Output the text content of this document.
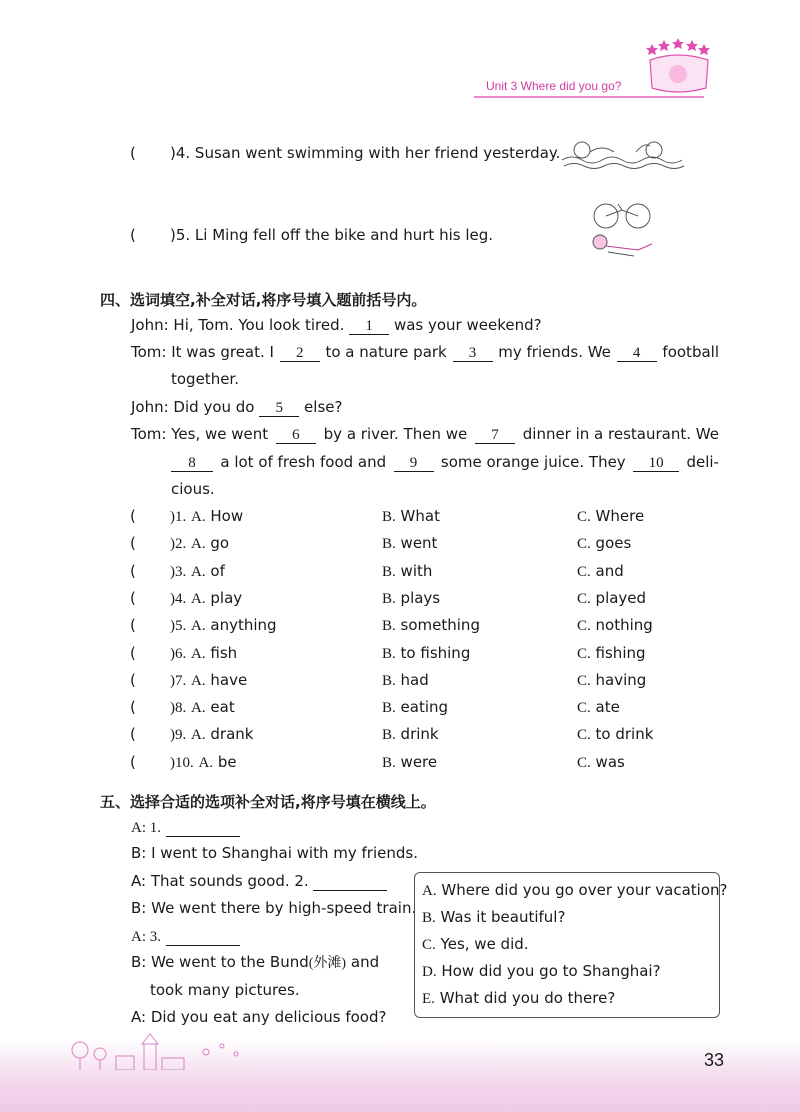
Unit 3 Where did you go?
( )4. Susan went swimming with her friend yesterday.
( )5. Li Ming fell off the bike and hurt his leg.
四、选词填空,补全对话,将序号填入题前括号内。
John: Hi, Tom. You look tired. 1 was your weekend?
Tom: It was great. I	2	to a nature park	3	my friends. We	4	football
together.
John: Did you do 5 else?
Tom: Yes, we went	6	by a river. Then we	7	dinner in a restaurant. We
8	a lot of fresh food and	9	some orange juice. They	10	deli-
cious.
( )1. A. How	B. What	C. Where
( )2. A. go	B. went	C. goes
( )3. A. of	B. with	C. and
( )4. A. play	B. plays	C. played
( )5. A. anything	B. something	C. nothing
( )6. A. fish	B. to fishing	C. fishing
( )7. A. have	B. had	C. having
( )8. A. eat	B. eating	C. ate
( )9. A. drank	B. drink	C. to drink
( )10. A. be	B. were	C. was
五、选择合适的选项补全对话,将序号填在横线上。
A: 1.
B: I went to Shanghai with my friends.
A: That sounds good. 2.
B: We went there by high-speed train.
A: 3.
B: We went to the Bund(外滩) and
took many pictures.
A: Did you eat any delicious food?
A. Where did you go over your vacation?
B. Was it beautiful?
C. Yes, we did.
D. How did you go to Shanghai?
E. What did you do there?
33
